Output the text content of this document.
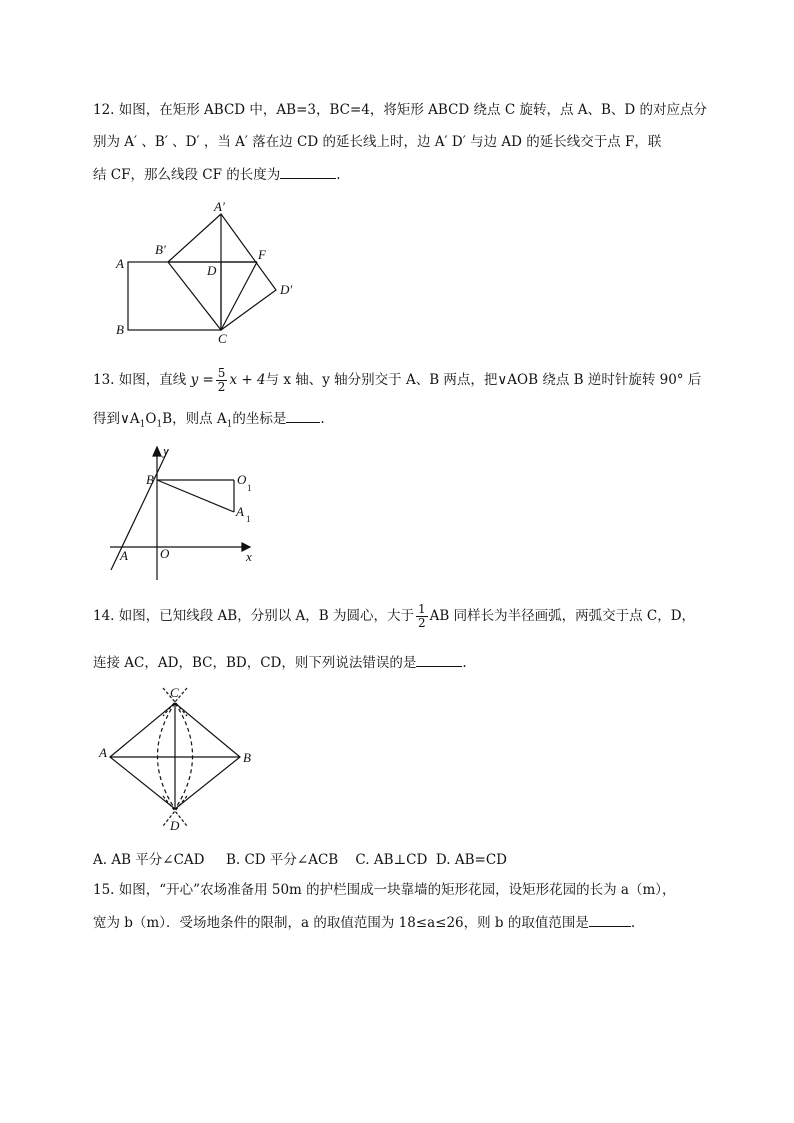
12. 如图，在矩形 ABCD 中，AB=3，BC=4，将矩形 ABCD 绕点 C 旋转，点 A、B、D 的对应点分
别为 A′ 、B′ 、D′ ，当 A′ 落在边 CD 的延长线上时，边 A′ D′ 与边 AD 的延长线交于点 F，联
结 CF，那么线段 CF 的长度为	.
A
B
C
D
A′
B′
D′
F
13. 如图，直线 $y = \frac{5}{2}$ x + 4与 x 轴、y 轴分别交于 A、B 两点，把∨AOB 绕点 B 逆时针旋转 90° 后
得到$\vee A_1O_1B$，则点 $A_1$的坐标是	.
y
x
B
O
A
O
1
A 1
14. 如图，已知线段 AB，分别以 A，B 为圆心，大于 $\frac{1}{2}$ AB 同样长为半径画弧，两弧交于点 C，D，
连接 AC，AD，BC，BD，CD，则下列说法错误的是	.
C
D
A	B
A. AB 平分∠CAD     B. CD 平分∠ACB    C. AB⊥CD  D. AB=CD
15. 如图，“开心”农场准备用 50m 的护栏围成一块靠墙的矩形花园，设矩形花园的长为 a（m），
宽为 b（m）．受场地条件的限制，a 的取值范围为 18≤a≤26，则 b 的取值范围是	.
